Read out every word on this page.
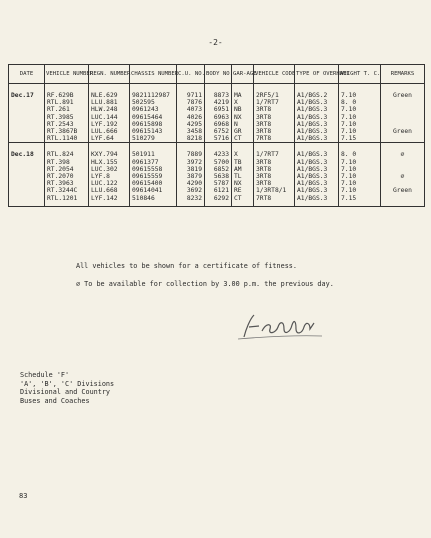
-2-
DATE	VEHICLE NUMBER	REGN. NUMBER	CHASSIS NUMBER	C.U. NO.	BODY NO.	GAR-AGE	VEHICLE CODE	TYPE OF OVERHAUL	WEIGHT T. C.	REMARKS

Dec.17	RF.629B	NLE.629	9821112987	9711	8873	MA	2RF5/1	A1/BGS.2	7.10	Green
	RTL.891	LLU.881	502595	7876	4219	X	1/7RT7	A1/BGS.3	8. 0	
	RT.261	HLW.248	0961243	4073	6951	NB	3RT8	A1/BGS.3	7.10	
	RT.3985	LUC.144	09615464	4026	6963	NX	3RT8	A1/BGS.3	7.10	
	RT.2543	LYF.192	09615898	4295	6968	N	3RT8	A1/BGS.3	7.10	
	RT.3867B	LUL.666	09615143	3458	6752	GR	3RT8	A1/BGS.3	7.10	Green
	RTL.1140	LYF.64	510279	8218	5716	CT	7RT8	A1/BGS.3	7.15	

Dec.18	RTL.824	KXY.794	501911	7889	4233	X	1/7RT7	A1/BGS.3	8. 0	∅
	RT.398	HLX.155	0961377	3972	5700	TB	3RT8	A1/BGS.3	7.10	
	RT.2054	LUC.302	09615558	3819	6852	AM	3RT8	A1/BGS.3	7.10	
	RT.2070	LYF.8	09615559	3879	5638	TL	3RT8	A1/BGS.3	7.10	∅
	RT.3963	LUC.122	09615400	4290	5787	NX	3RT8	A1/BGS.3	7.10	
	RT.3244C	LLU.668	09614041	3692	6121	RE	1/3RT8/1	A1/BGS.3	7.10	Green
	RTL.1201	LYF.142	510846	8232	6292	CT	7RT8	A1/BGS.3	7.15	

All vehicles to be shown for a certificate of fitness.
∅ To be available for collection by 3.00 p.m. the previous day.
Schedule 'F'
'A', 'B', 'C' Divisions
Divisional and Country
Buses and Coaches
83
